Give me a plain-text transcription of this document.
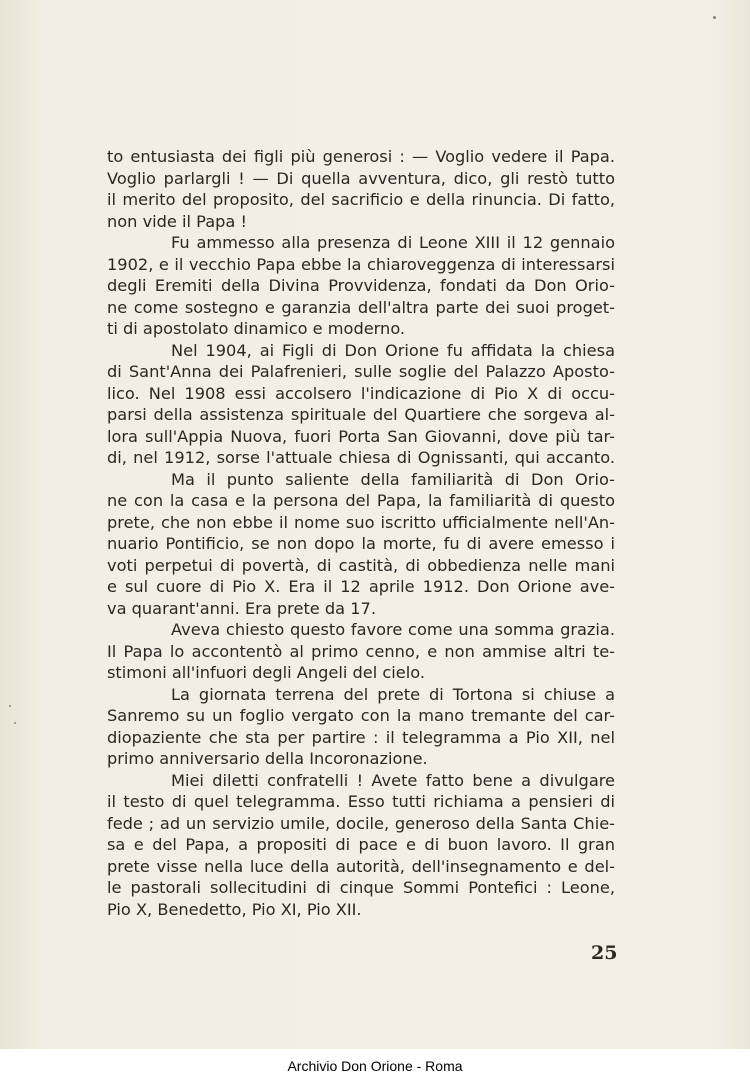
to entusiasta dei figli più generosi : — Voglio vedere il Papa.
Voglio parlargli ! — Di quella avventura, dico, gli restò tutto
il merito del proposito, del sacrificio e della rinuncia. Di fatto,
non vide il Papa !
Fu ammesso alla presenza di Leone XIII il 12 gennaio
1902, e il vecchio Papa ebbe la chiaroveggenza di interessarsi
degli Eremiti della Divina Provvidenza, fondati da Don Orio-
ne come sostegno e garanzia dell'altra parte dei suoi proget-
ti di apostolato dinamico e moderno.
Nel 1904, ai Figli di Don Orione fu affidata la chiesa
di Sant'Anna dei Palafrenieri, sulle soglie del Palazzo Aposto-
lico. Nel 1908 essi accolsero l'indicazione di Pio X di occu-
parsi della assistenza spirituale del Quartiere che sorgeva al-
lora sull'Appia Nuova, fuori Porta San Giovanni, dove più tar-
di, nel 1912, sorse l'attuale chiesa di Ognissanti, qui accanto.
Ma il punto saliente della familiarità di Don Orio-
ne con la casa e la persona del Papa, la familiarità di questo
prete, che non ebbe il nome suo iscritto ufficialmente nell'An-
nuario Pontificio, se non dopo la morte, fu di avere emesso i
voti perpetui di povertà, di castità, di obbedienza nelle mani
e sul cuore di Pio X. Era il 12 aprile 1912. Don Orione ave-
va quarant'anni. Era prete da 17.
Aveva chiesto questo favore come una somma grazia.
Il Papa lo accontentò al primo cenno, e non ammise altri te-
stimoni all'infuori degli Angeli del cielo.
La giornata terrena del prete di Tortona si chiuse a
Sanremo su un foglio vergato con la mano tremante del car-
diopaziente che sta per partire : il telegramma a Pio XII, nel
primo anniversario della Incoronazione.
Miei diletti confratelli ! Avete fatto bene a divulgare
il testo di quel telegramma. Esso tutti richiama a pensieri di
fede ; ad un servizio umile, docile, generoso della Santa Chie-
sa e del Papa, a propositi di pace e di buon lavoro. Il gran
prete visse nella luce della autorità, dell'insegnamento e del-
le pastorali sollecitudini di cinque Sommi Pontefici : Leone,
Pio X, Benedetto, Pio XI, Pio XII.
25
Archivio Don Orione - Roma
